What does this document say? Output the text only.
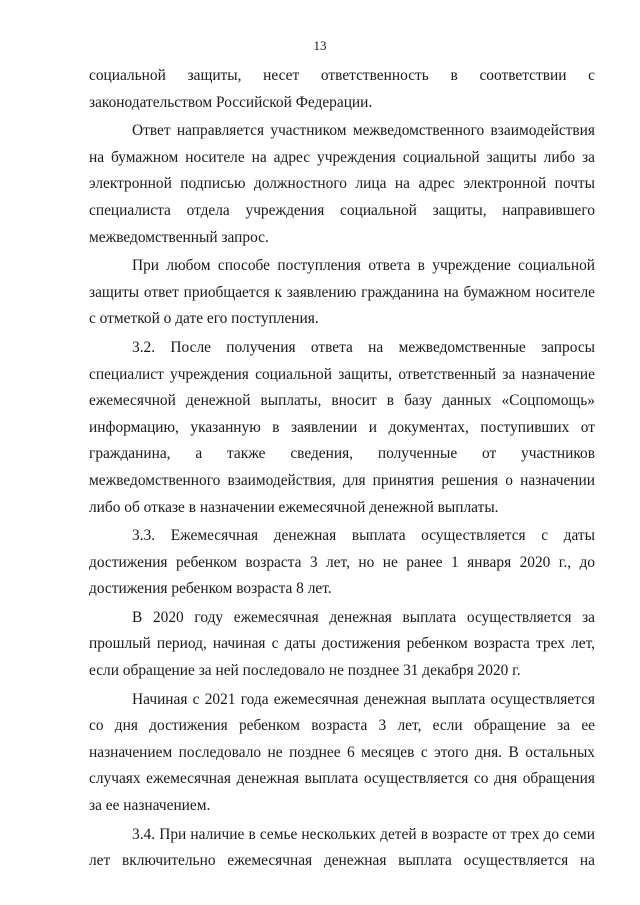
13

социальной защиты, несет ответственность в соответствии с законодательством Российской Федерации.

Ответ направляется участником межведомственного взаимодействия на бумажном носителе на адрес учреждения социальной защиты либо за электронной подписью должностного лица на адрес электронной почты специалиста отдела учреждения социальной защиты, направившего межведомственный запрос.

При любом способе поступления ответа в учреждение социальной защиты ответ приобщается к заявлению гражданина на бумажном носителе с отметкой о дате его поступления.

3.2. После получения ответа на межведомственные запросы специалист учреждения социальной защиты, ответственный за назначение ежемесячной денежной выплаты, вносит в базу данных «Соцпомощь» информацию, указанную в заявлении и документах, поступивших от гражданина, а также сведения, полученные от участников межведомственного взаимодействия, для принятия решения о назначении либо об отказе в назначении ежемесячной денежной выплаты.

3.3. Ежемесячная денежная выплата осуществляется с даты достижения ребенком возраста 3 лет, но не ранее 1 января 2020 г., до достижения ребенком возраста 8 лет.

В 2020 году ежемесячная денежная выплата осуществляется за прошлый период, начиная с даты достижения ребенком возраста трех лет, если обращение за ней последовало не позднее 31 декабря 2020 г.

Начиная с 2021 года ежемесячная денежная выплата осуществляется со дня достижения ребенком возраста 3 лет, если обращение за ее назначением последовало не позднее 6 месяцев с этого дня. В остальных случаях ежемесячная денежная выплата осуществляется со дня обращения за ее назначением.

3.4. При наличие в семье нескольких детей в возрасте от трех до семи лет включительно ежемесячная денежная выплата осуществляется на
